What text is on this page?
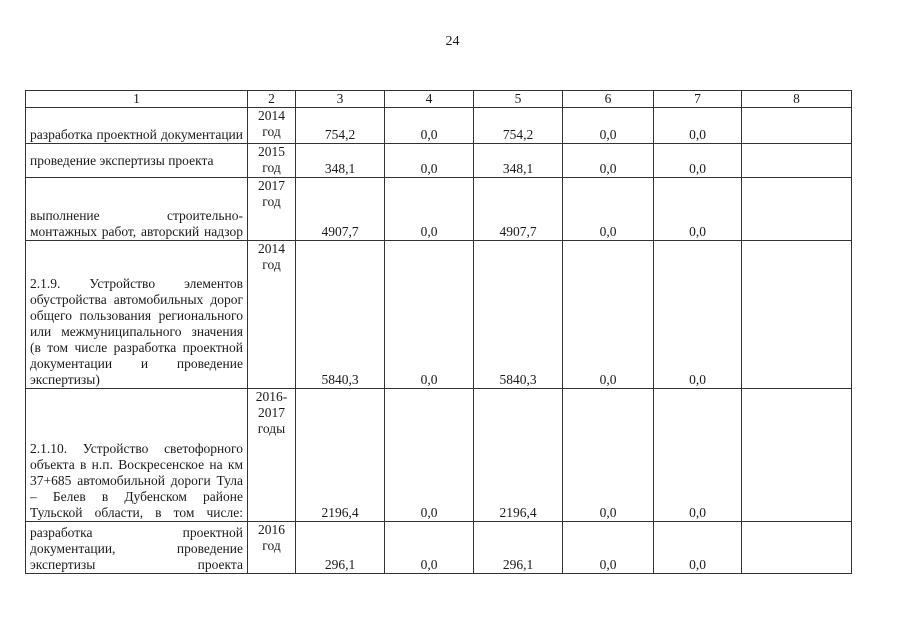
24
1	2	3	4	5	6	7	8
разработка проектной документации	2014 год	754,2	0,0	754,2	0,0	0,0	
проведение экспертизы проекта	2015 год	348,1	0,0	348,1	0,0	0,0	
выполнение строительно-монтажных работ, авторский надзор	2017 год	4907,7	0,0	4907,7	0,0	0,0	
2.1.9. Устройство элементов обустройства автомобильных дорог общего пользования регионального или межмуниципального значения (в том числе разработка проектной документации и проведение экспертизы)	2014 год	5840,3	0,0	5840,3	0,0	0,0	
2.1.10. Устройство светофорного объекта в н.п. Воскресенское на км 37+685 автомобильной дороги Тула – Белев в Дубенском районе Тульской области, в том числе:	2016-2017 годы	2196,4	0,0	2196,4	0,0	0,0	
разработка проектной документации, проведение экспертизы проекта	2016 год	296,1	0,0	296,1	0,0	0,0	
